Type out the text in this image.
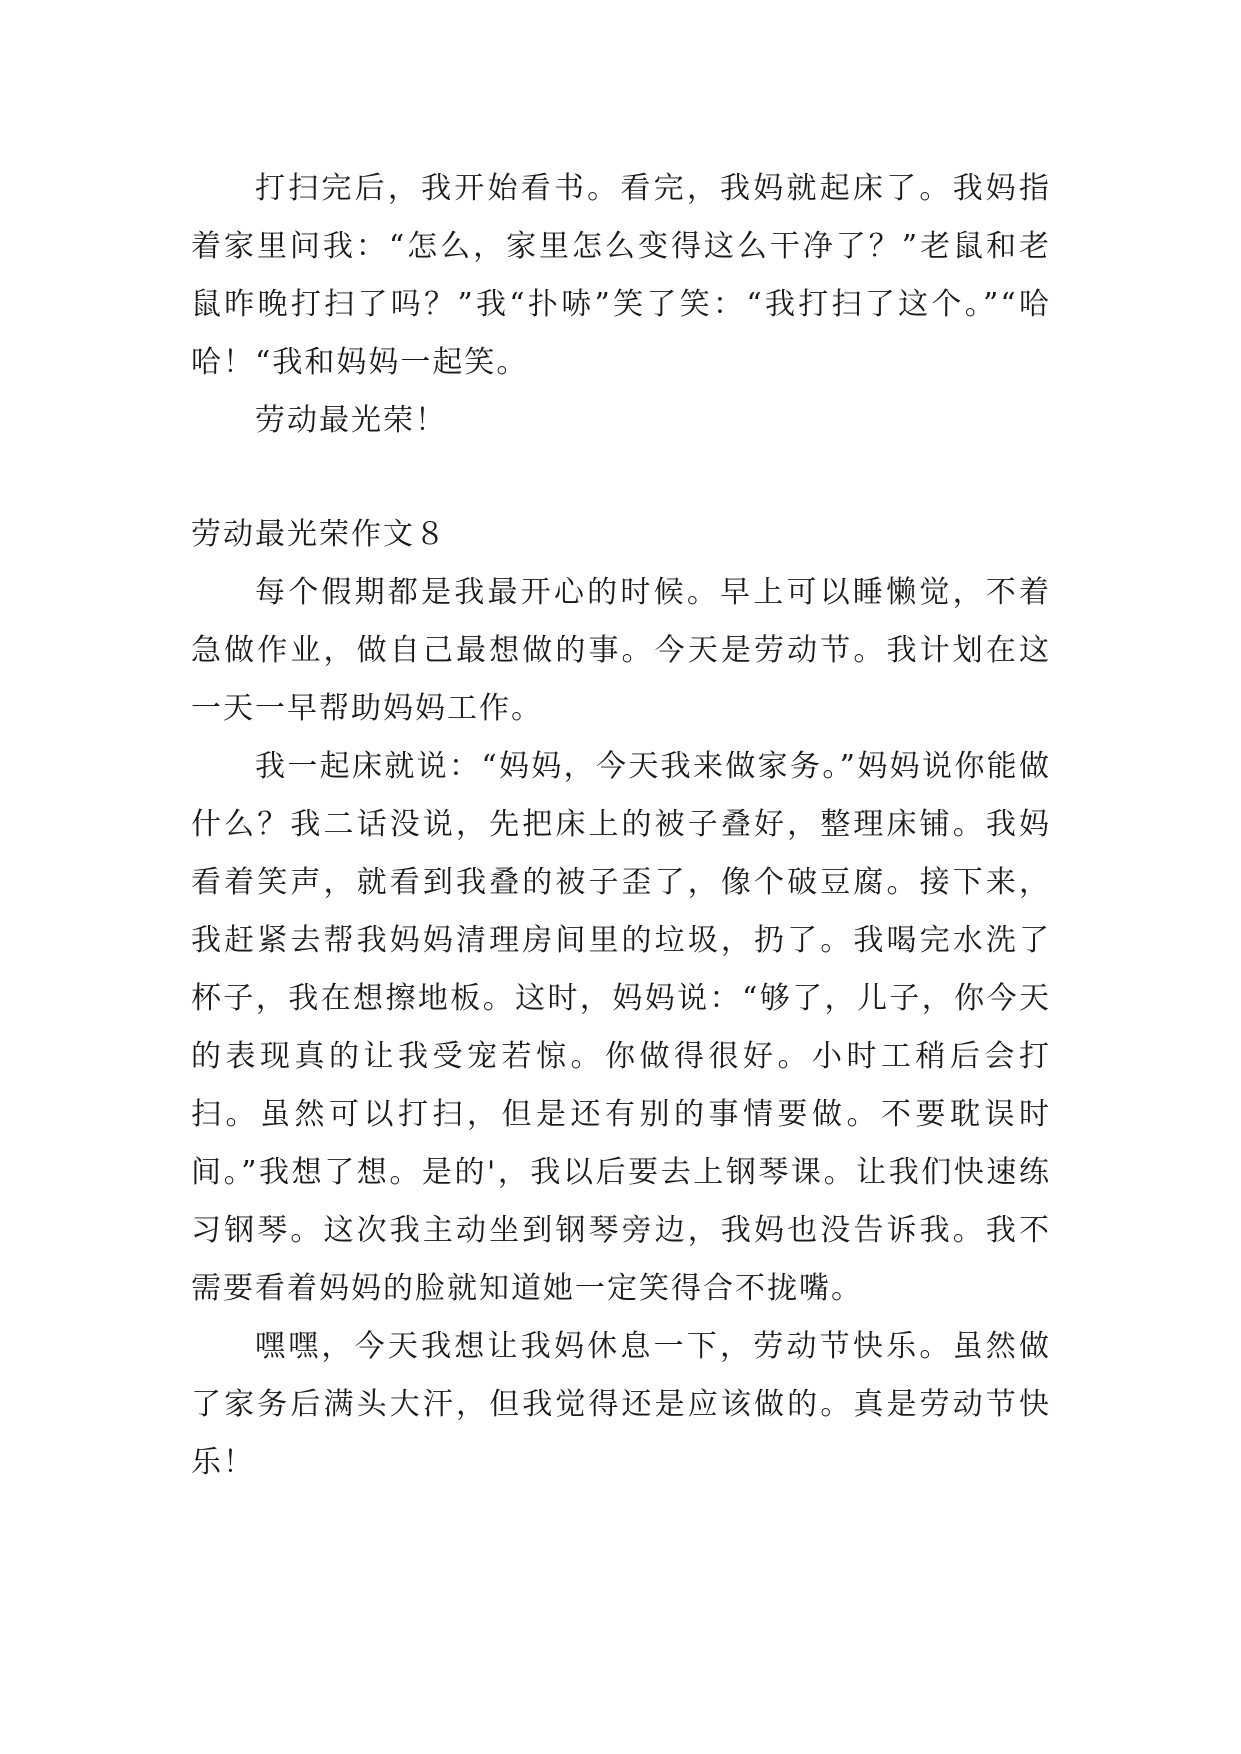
打扫完后，我开始看书。看完，我妈就起床了。我妈指着家里问我：“怎么，家里怎么变得这么干净了？”老鼠和老鼠昨晚打扫了吗？”我“扑哧”笑了笑：“我打扫了这个。”“哈哈！“我和妈妈一起笑。

劳动最光荣！

劳动最光荣作文８

每个假期都是我最开心的时候。早上可以睡懒觉，不着急做作业，做自己最想做的事。今天是劳动节。我计划在这一天一早帮助妈妈工作。

我一起床就说：“妈妈，今天我来做家务。”妈妈说你能做什么？我二话没说，先把床上的被子叠好，整理床铺。我妈看着笑声，就看到我叠的被子歪了，像个破豆腐。接下来，我赶紧去帮我妈妈清理房间里的垃圾，扔了。我喝完水洗了杯子，我在想擦地板。这时，妈妈说：“够了，儿子，你今天的表现真的让我受宠若惊。你做得很好。小时工稍后会打扫。虽然可以打扫，但是还有别的事情要做。不要耽误时间。”我想了想。是的'，我以后要去上钢琴课。让我们快速练习钢琴。这次我主动坐到钢琴旁边，我妈也没告诉我。我不需要看着妈妈的脸就知道她一定笑得合不拢嘴。

嘿嘿，今天我想让我妈休息一下，劳动节快乐。虽然做了家务后满头大汗，但我觉得还是应该做的。真是劳动节快乐！
